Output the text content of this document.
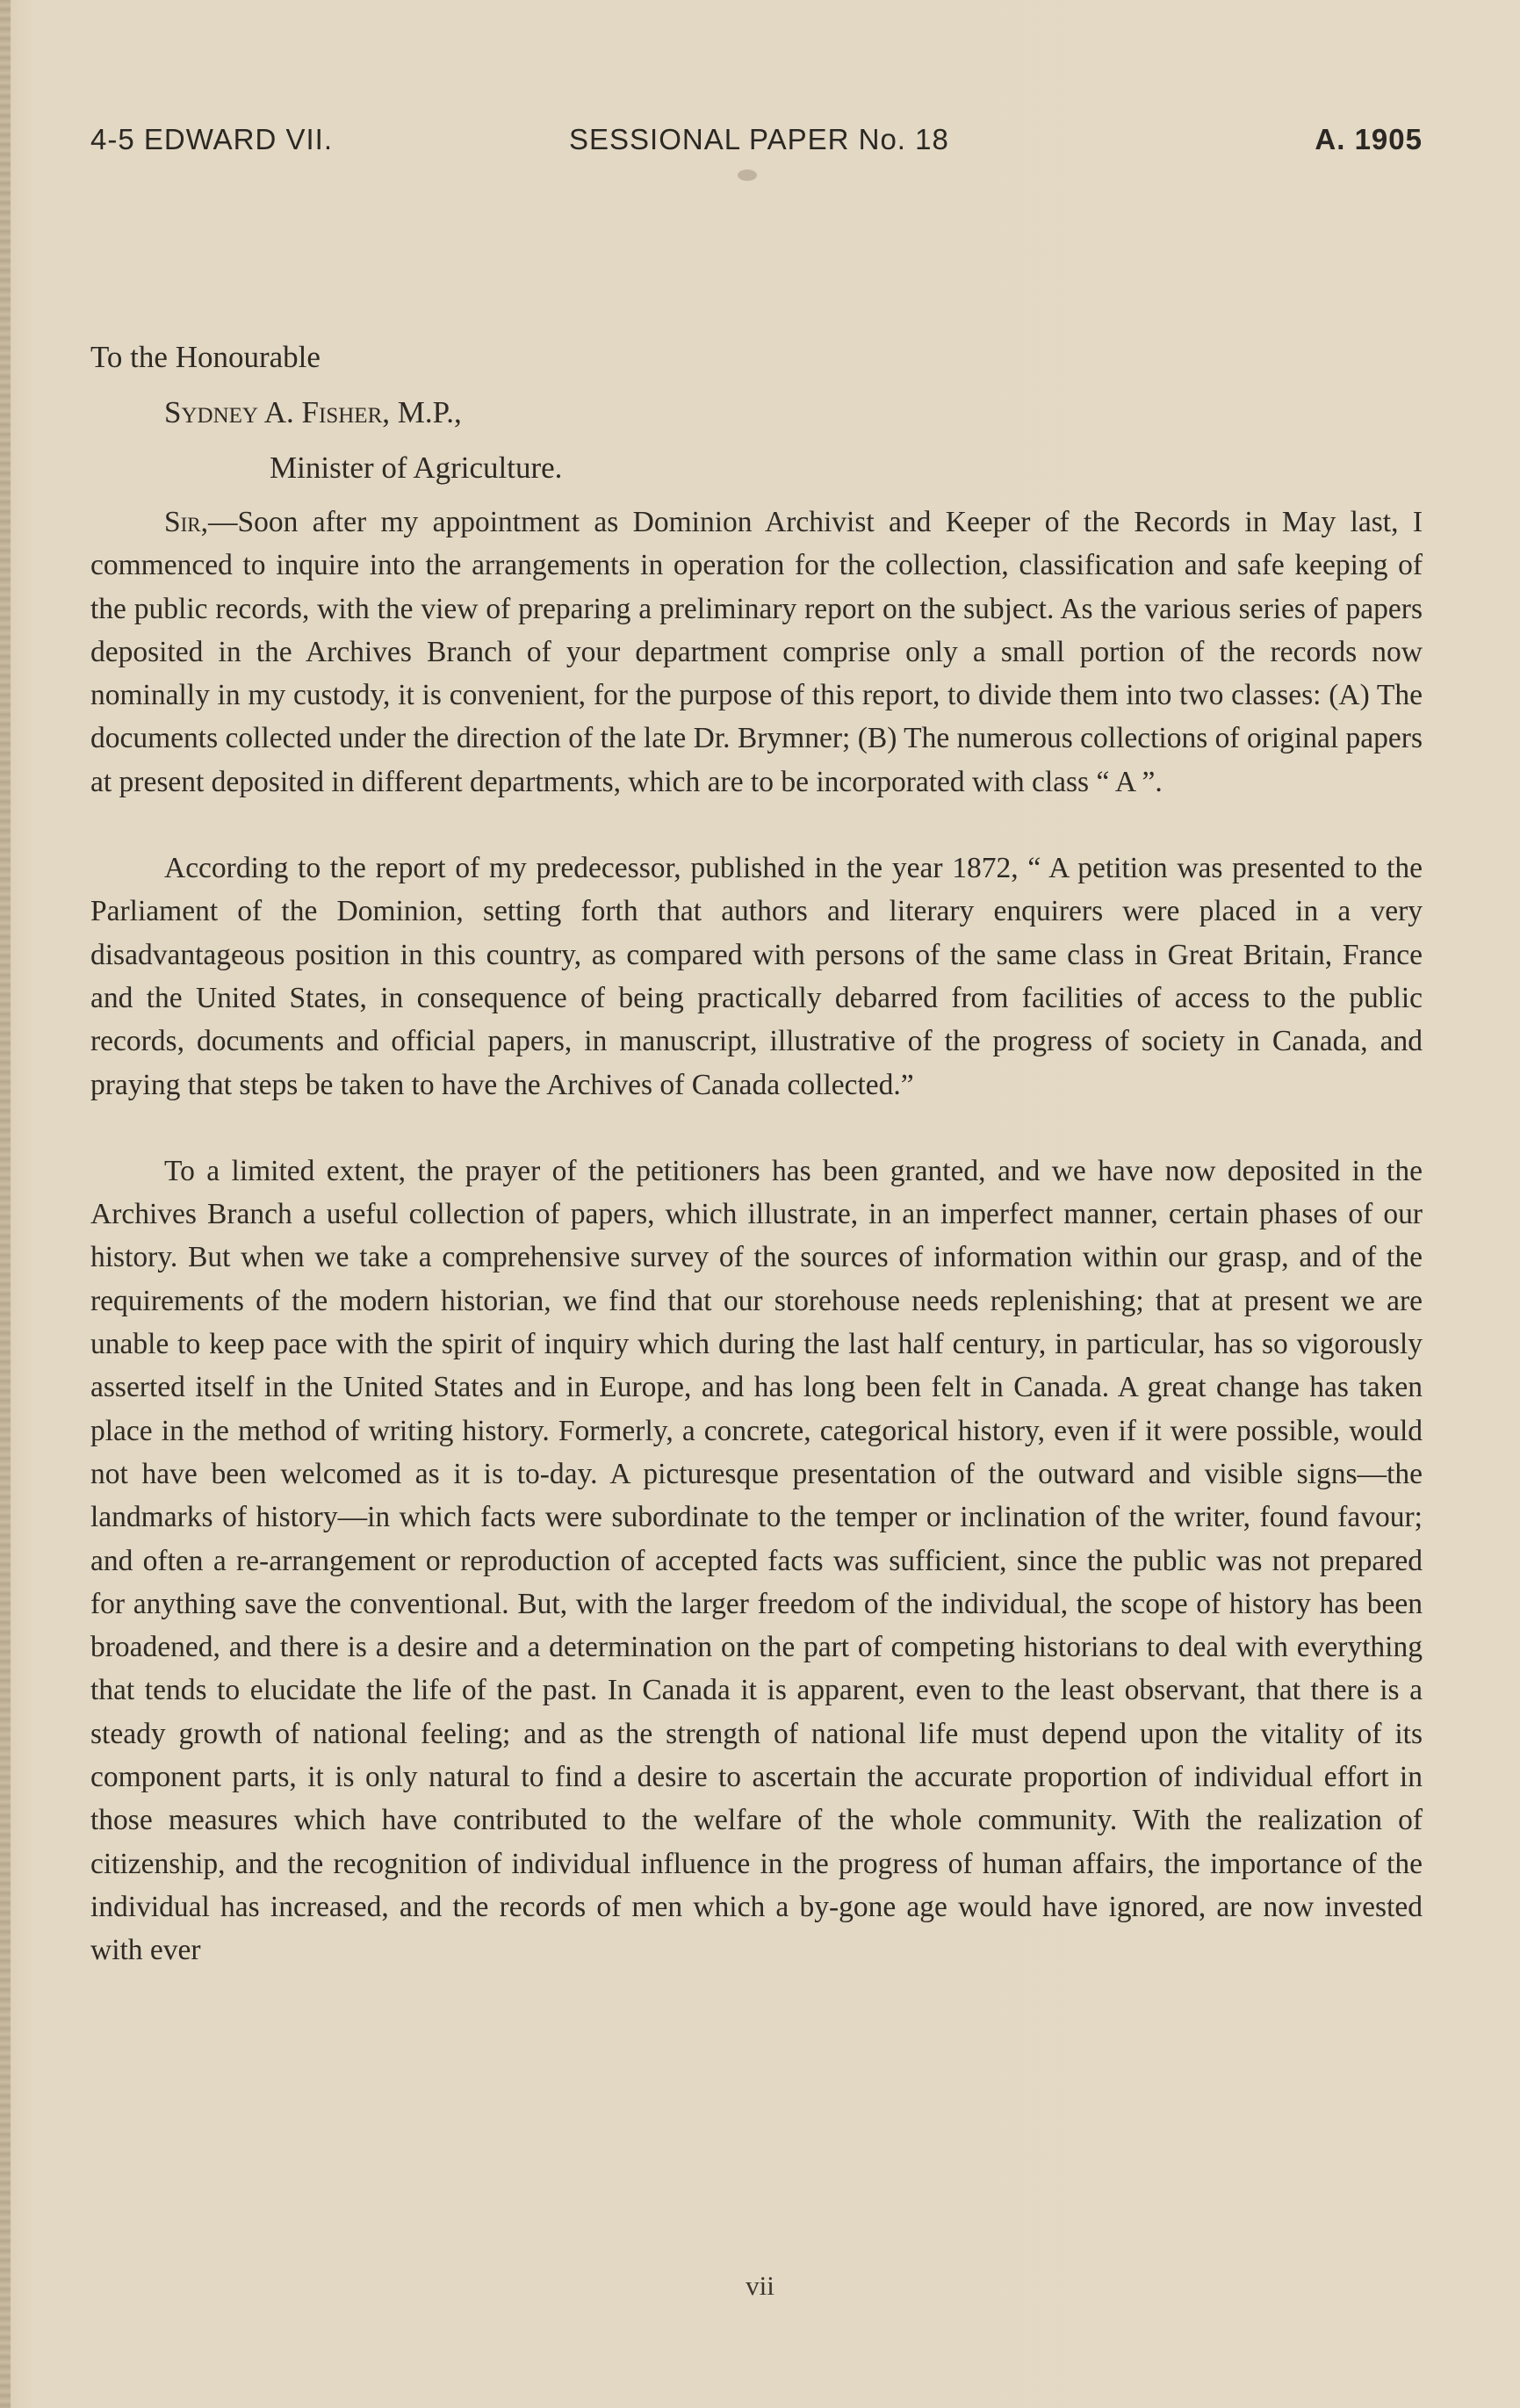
4-5 EDWARD VII.	SESSIONAL PAPER No. 18	A. 1905
To the Honourable
Sydney A. Fisher, M.P.,
Minister of Agriculture.

Sir,—Soon after my appointment as Dominion Archivist and Keeper of the Records in May last, I commenced to inquire into the arrangements in operation for the collection, classification and safe keeping of the public records, with the view of preparing a preliminary report on the subject. As the various series of papers deposited in the Archives Branch of your department comprise only a small portion of the records now nominally in my custody, it is convenient, for the purpose of this report, to divide them into two classes: (A) The documents collected under the direction of the late Dr. Brymner; (B) The numerous collections of original papers at present deposited in different departments, which are to be incorporated with class “ A ”.

According to the report of my predecessor, published in the year 1872, “ A petition was presented to the Parliament of the Dominion, setting forth that authors and literary enquirers were placed in a very disadvantageous position in this country, as compared with persons of the same class in Great Britain, France and the United States, in consequence of being practically debarred from facilities of access to the public records, documents and official papers, in manuscript, illustrative of the progress of society in Canada, and praying that steps be taken to have the Archives of Canada collected.”

To a limited extent, the prayer of the petitioners has been granted, and we have now deposited in the Archives Branch a useful collection of papers, which illustrate, in an imperfect manner, certain phases of our history. But when we take a comprehensive survey of the sources of information within our grasp, and of the requirements of the modern historian, we find that our storehouse needs replenishing; that at present we are unable to keep pace with the spirit of inquiry which during the last half century, in particular, has so vigorously asserted itself in the United States and in Europe, and has long been felt in Canada. A great change has taken place in the method of writing history. Formerly, a concrete, categorical history, even if it were possible, would not have been welcomed as it is to-day. A picturesque presentation of the outward and visible signs—the landmarks of history—in which facts were subordinate to the temper or inclination of the writer, found favour; and often a re-arrangement or reproduction of accepted facts was sufficient, since the public was not prepared for anything save the conventional. But, with the larger freedom of the individual, the scope of history has been broadened, and there is a desire and a determination on the part of competing historians to deal with everything that tends to elucidate the life of the past. In Canada it is apparent, even to the least observant, that there is a steady growth of national feeling; and as the strength of national life must depend upon the vitality of its component parts, it is only natural to find a desire to ascertain the accurate proportion of individual effort in those measures which have contributed to the welfare of the whole community. With the realization of citizenship, and the recognition of individual influence in the progress of human affairs, the importance of the individual has increased, and the records of men which a by-gone age would have ignored, are now invested with ever

vii
